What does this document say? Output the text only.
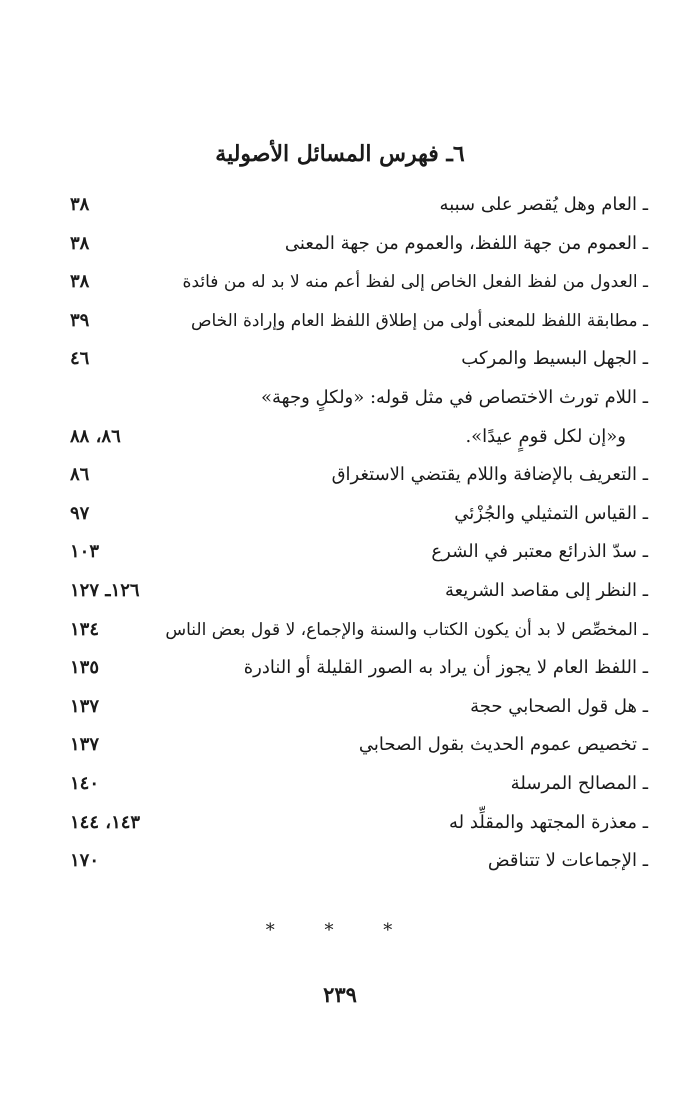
٦ـ فهرس المسائل الأصولية
ـ العام وهل يُقصر على سببه
٣٨
ـ العموم من جهة اللفظ، والعموم من جهة المعنى
٣٨
ـ العدول من لفظ الفعل الخاص إلى لفظ أعم منه لا بد له من فائدة
٣٨
ـ مطابقة اللفظ للمعنى أولى من إطلاق اللفظ العام وإرادة الخاص
٣٩
ـ الجهل البسيط والمركب
٤٦
ـ اللام تورث الاختصاص في مثل قوله: «ولكلٍ وجهة»
و«إن لكل قومٍ عيدًا».
٨٦، ٨٨
ـ التعريف بالإضافة واللام يقتضي الاستغراق
٨٦
ـ القياس التمثيلي والجُزْئي
٩٧
ـ سدّ الذرائع معتبر في الشرع
١٠٣
ـ النظر إلى مقاصد الشريعة
١٢٦ـ ١٢٧
ـ المخصِّص لا بد أن يكون الكتاب والسنة والإجماع، لا قول بعض الناس
١٣٤
ـ اللفظ العام لا يجوز أن يراد به الصور القليلة أو النادرة
١٣٥
ـ هل قول الصحابي حجة
١٣٧
ـ تخصيص عموم الحديث بقول الصحابي
١٣٧
ـ المصالح المرسلة
١٤٠
ـ معذرة المجتهد والمقلِّد له
١٤٣، ١٤٤
ـ الإجماعات لا تتناقض
١٧٠
* * *
٢٣٩
